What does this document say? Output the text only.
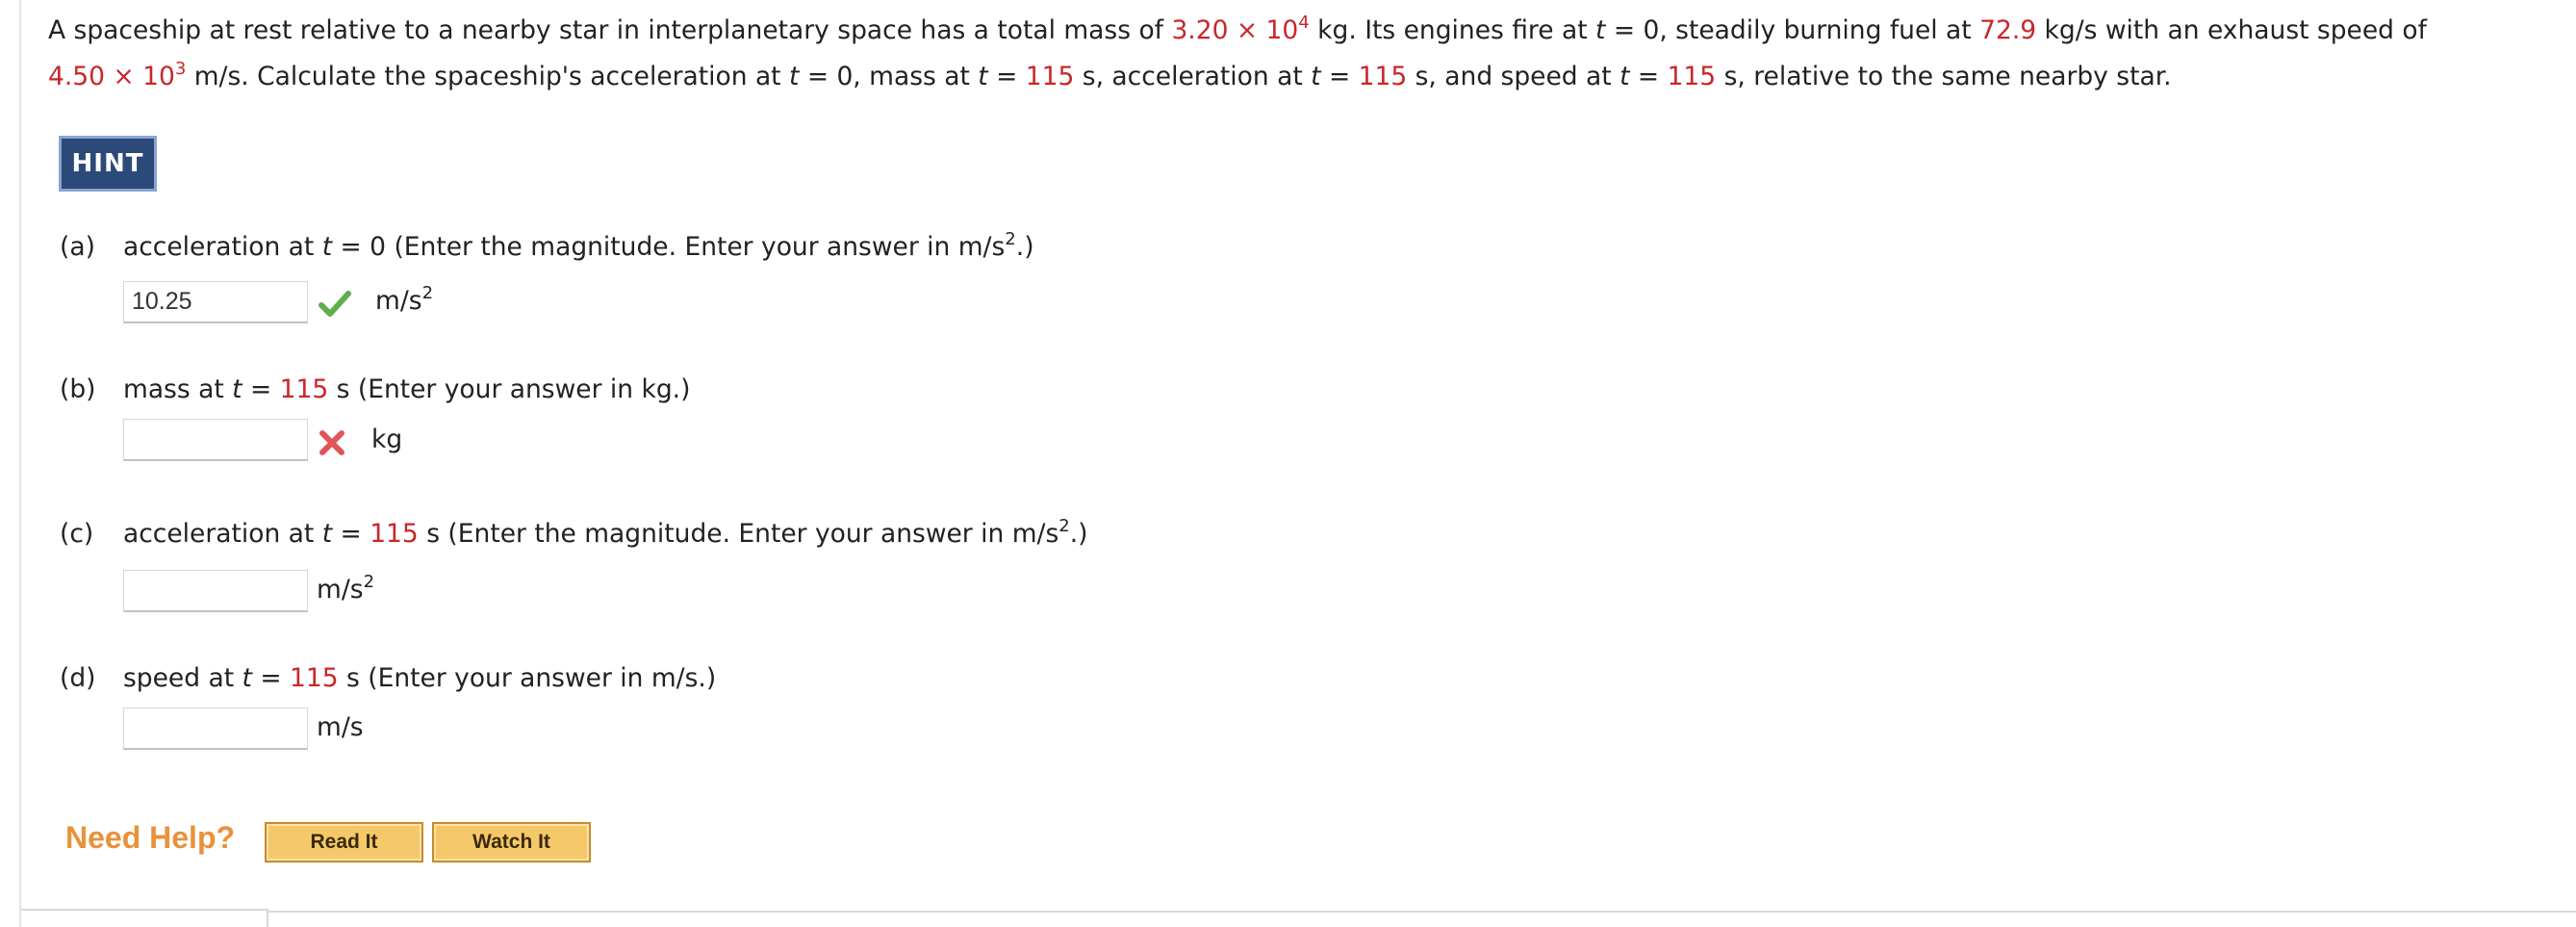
A spaceship at rest relative to a nearby star in interplanetary space has a total mass of $3.20 \times 10^4$ kg. Its engines fire at t = 0, steadily burning fuel at 72.9 kg/s with an exhaust speed of
$4.50 \times 10^3$ m/s. Calculate the spaceship's acceleration at t = 0, mass at t = 115 s, acceleration at t = 115 s, and speed at t = 115 s, relative to the same nearby star.
HINT
(a) acceleration at t = 0 (Enter the magnitude. Enter your answer in $m/s^2$.)
10.25
$m/s^2$
(b) mass at t = 115 s (Enter your answer in kg.)
kg
(c) acceleration at t = 115 s (Enter the magnitude. Enter your answer in $m/s^2$.)
$m/s^2$
(d) speed at t = 115 s (Enter your answer in m/s.)
m/s
Need Help?	Read It	Watch It
